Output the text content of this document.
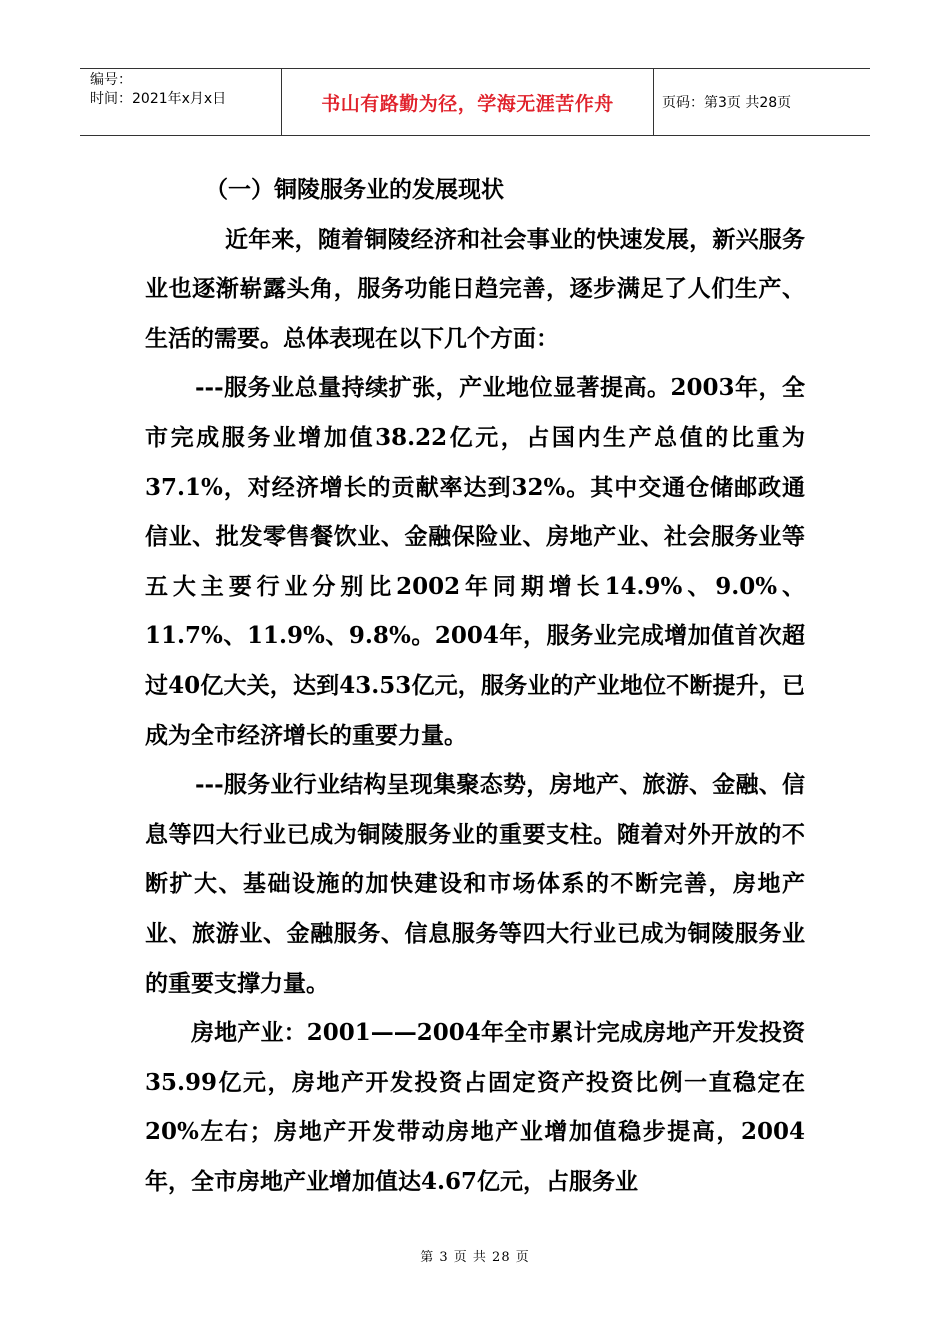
编号：
时间：2021年x月x日	书山有路勤为径，学海无涯苦作舟	页码：第3页 共28页

（一）铜陵服务业的发展现状

近年来，随着铜陵经济和社会事业的快速发展，新兴服务业也逐渐崭露头角，服务功能日趋完善，逐步满足了人们生产、生活的需要。总体表现在以下几个方面：

---服务业总量持续扩张，产业地位显著提高。2003年，全市完成服务业增加值38.22亿元，占国内生产总值的比重为37.1%，对经济增长的贡献率达到32%。其中交通仓储邮政通信业、批发零售餐饮业、金融保险业、房地产业、社会服务业等五大主要行业分别比2002年同期增长14.9%、9.0%、11.7%、11.9%、9.8%。2004年，服务业完成增加值首次超过40亿大关，达到43.53亿元，服务业的产业地位不断提升，已成为全市经济增长的重要力量。

---服务业行业结构呈现集聚态势，房地产、旅游、金融、信息等四大行业已成为铜陵服务业的重要支柱。随着对外开放的不断扩大、基础设施的加快建设和市场体系的不断完善，房地产业、旅游业、金融服务、信息服务等四大行业已成为铜陵服务业的重要支撑力量。

房地产业：2001——2004年全市累计完成房地产开发投资35.99亿元，房地产开发投资占固定资产投资比例一直稳定在20%左右；房地产开发带动房地产业增加值稳步提高，2004年，全市房地产业增加值达4.67亿元，占服务业

第 3 页 共 28 页
